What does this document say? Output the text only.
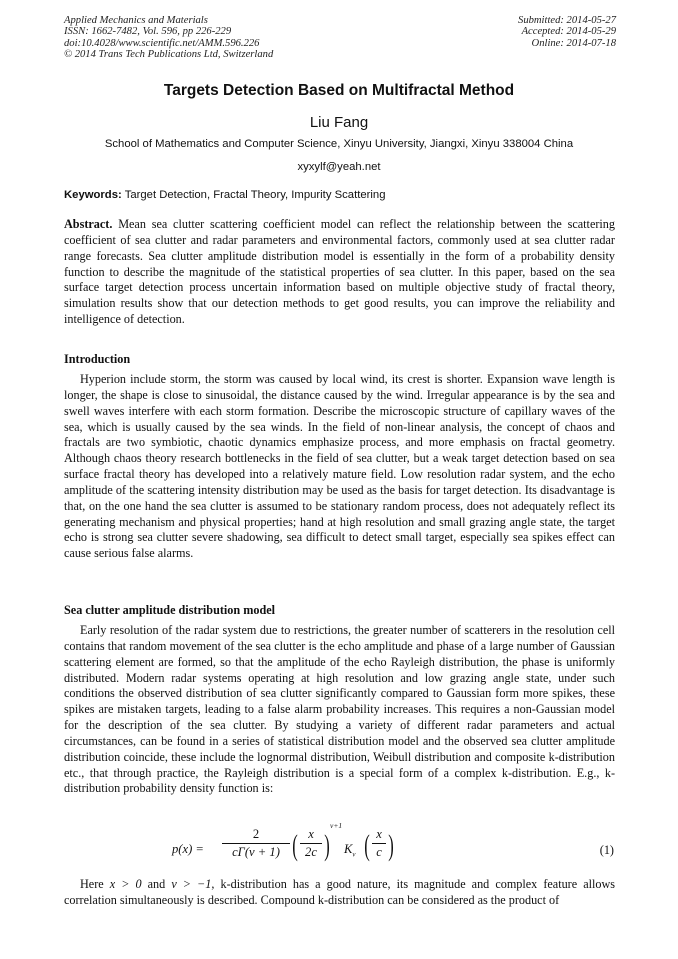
Applied Mechanics and Materials
ISSN: 1662-7482, Vol. 596, pp 226-229
doi:10.4028/www.scientific.net/AMM.596.226
© 2014 Trans Tech Publications Ltd, Switzerland
Submitted: 2014-05-27
Accepted: 2014-05-29
Online: 2014-07-18
Targets Detection Based on Multifractal Method
Liu Fang
School of Mathematics and Computer Science, Xinyu University, Jiangxi, Xinyu 338004 China
xyxylf@yeah.net
Keywords: Target Detection, Fractal Theory, Impurity Scattering

Abstract. Mean sea clutter scattering coefficient model can reflect the relationship between the scattering coefficient of sea clutter and radar parameters and environmental factors, commonly used at sea clutter radar range forecasts. Sea clutter amplitude distribution model is essentially in the form of a probability density function to describe the magnitude of the statistical properties of sea clutter. In this paper, based on the sea surface target detection process uncertain information based on multiple objective study of fractal theory, simulation results show that our detection methods to get good results, you can improve the reliability and intelligence of detection.

Introduction

Hyperion include storm, the storm was caused by local wind, its crest is shorter. Expansion wave length is longer, the shape is close to sinusoidal, the distance caused by the wind. Irregular appearance is by the sea and swell waves interfere with each storm formation. Describe the microscopic structure of capillary waves of the sea, which is usually caused by the sea winds. In the field of non-linear analysis, the concept of chaos and fractals are two symbiotic, chaotic dynamics emphasize process, and more emphasis on fractal geometry. Although chaos theory research bottlenecks in the field of sea clutter, but a weak target detection based on sea surface fractal theory has developed into a relatively mature field. Low resolution radar system, and the echo amplitude of the scattering intensity distribution may be used as the basis for target detection. Its disadvantage is that, on the one hand the sea clutter is assumed to be stationary random process, does not adequately reflect its generating mechanism and physical properties; hand at high resolution and small grazing angle state, the target echo is strong sea clutter severe shadowing, sea difficult to detect small target, especially sea spikes effect can cause serious false alarms.

Sea clutter amplitude distribution model

Early resolution of the radar system due to restrictions, the greater number of scatterers in the resolution cell contains that random movement of the sea clutter is the echo amplitude and phase of a large number of Gaussian scattering element are formed, so that the amplitude of the echo Rayleigh distribution, the phase is uniformly distributed. Modern radar systems operating at high resolution and low grazing angle state, under such conditions the observed distribution of sea clutter significantly compared to Gaussian form more spikes, these spikes are mistaken targets, leading to a false alarm probability increases. This requires a non-Gaussian model for the description of the sea clutter. By studying a variety of different radar parameters and actual circumstances, can be found in a series of statistical distribution model and the observed sea clutter amplitude distribution coincide, these include the lognormal distribution, Weibull distribution and composite k-distribution etc., that through practice, the Rayleigh distribution is a special form of a complex k-distribution. E.g., k-distribution probability density function is:

p(x) =
2
cΓ(v + 1) ( x
2c )
v+1
$K_v$ ( x
c )	(1)

Here x > 0 and v > −1, k-distribution has a good nature, its magnitude and complex feature allows correlation simultaneously is described. Compound k-distribution can be considered as the product of
